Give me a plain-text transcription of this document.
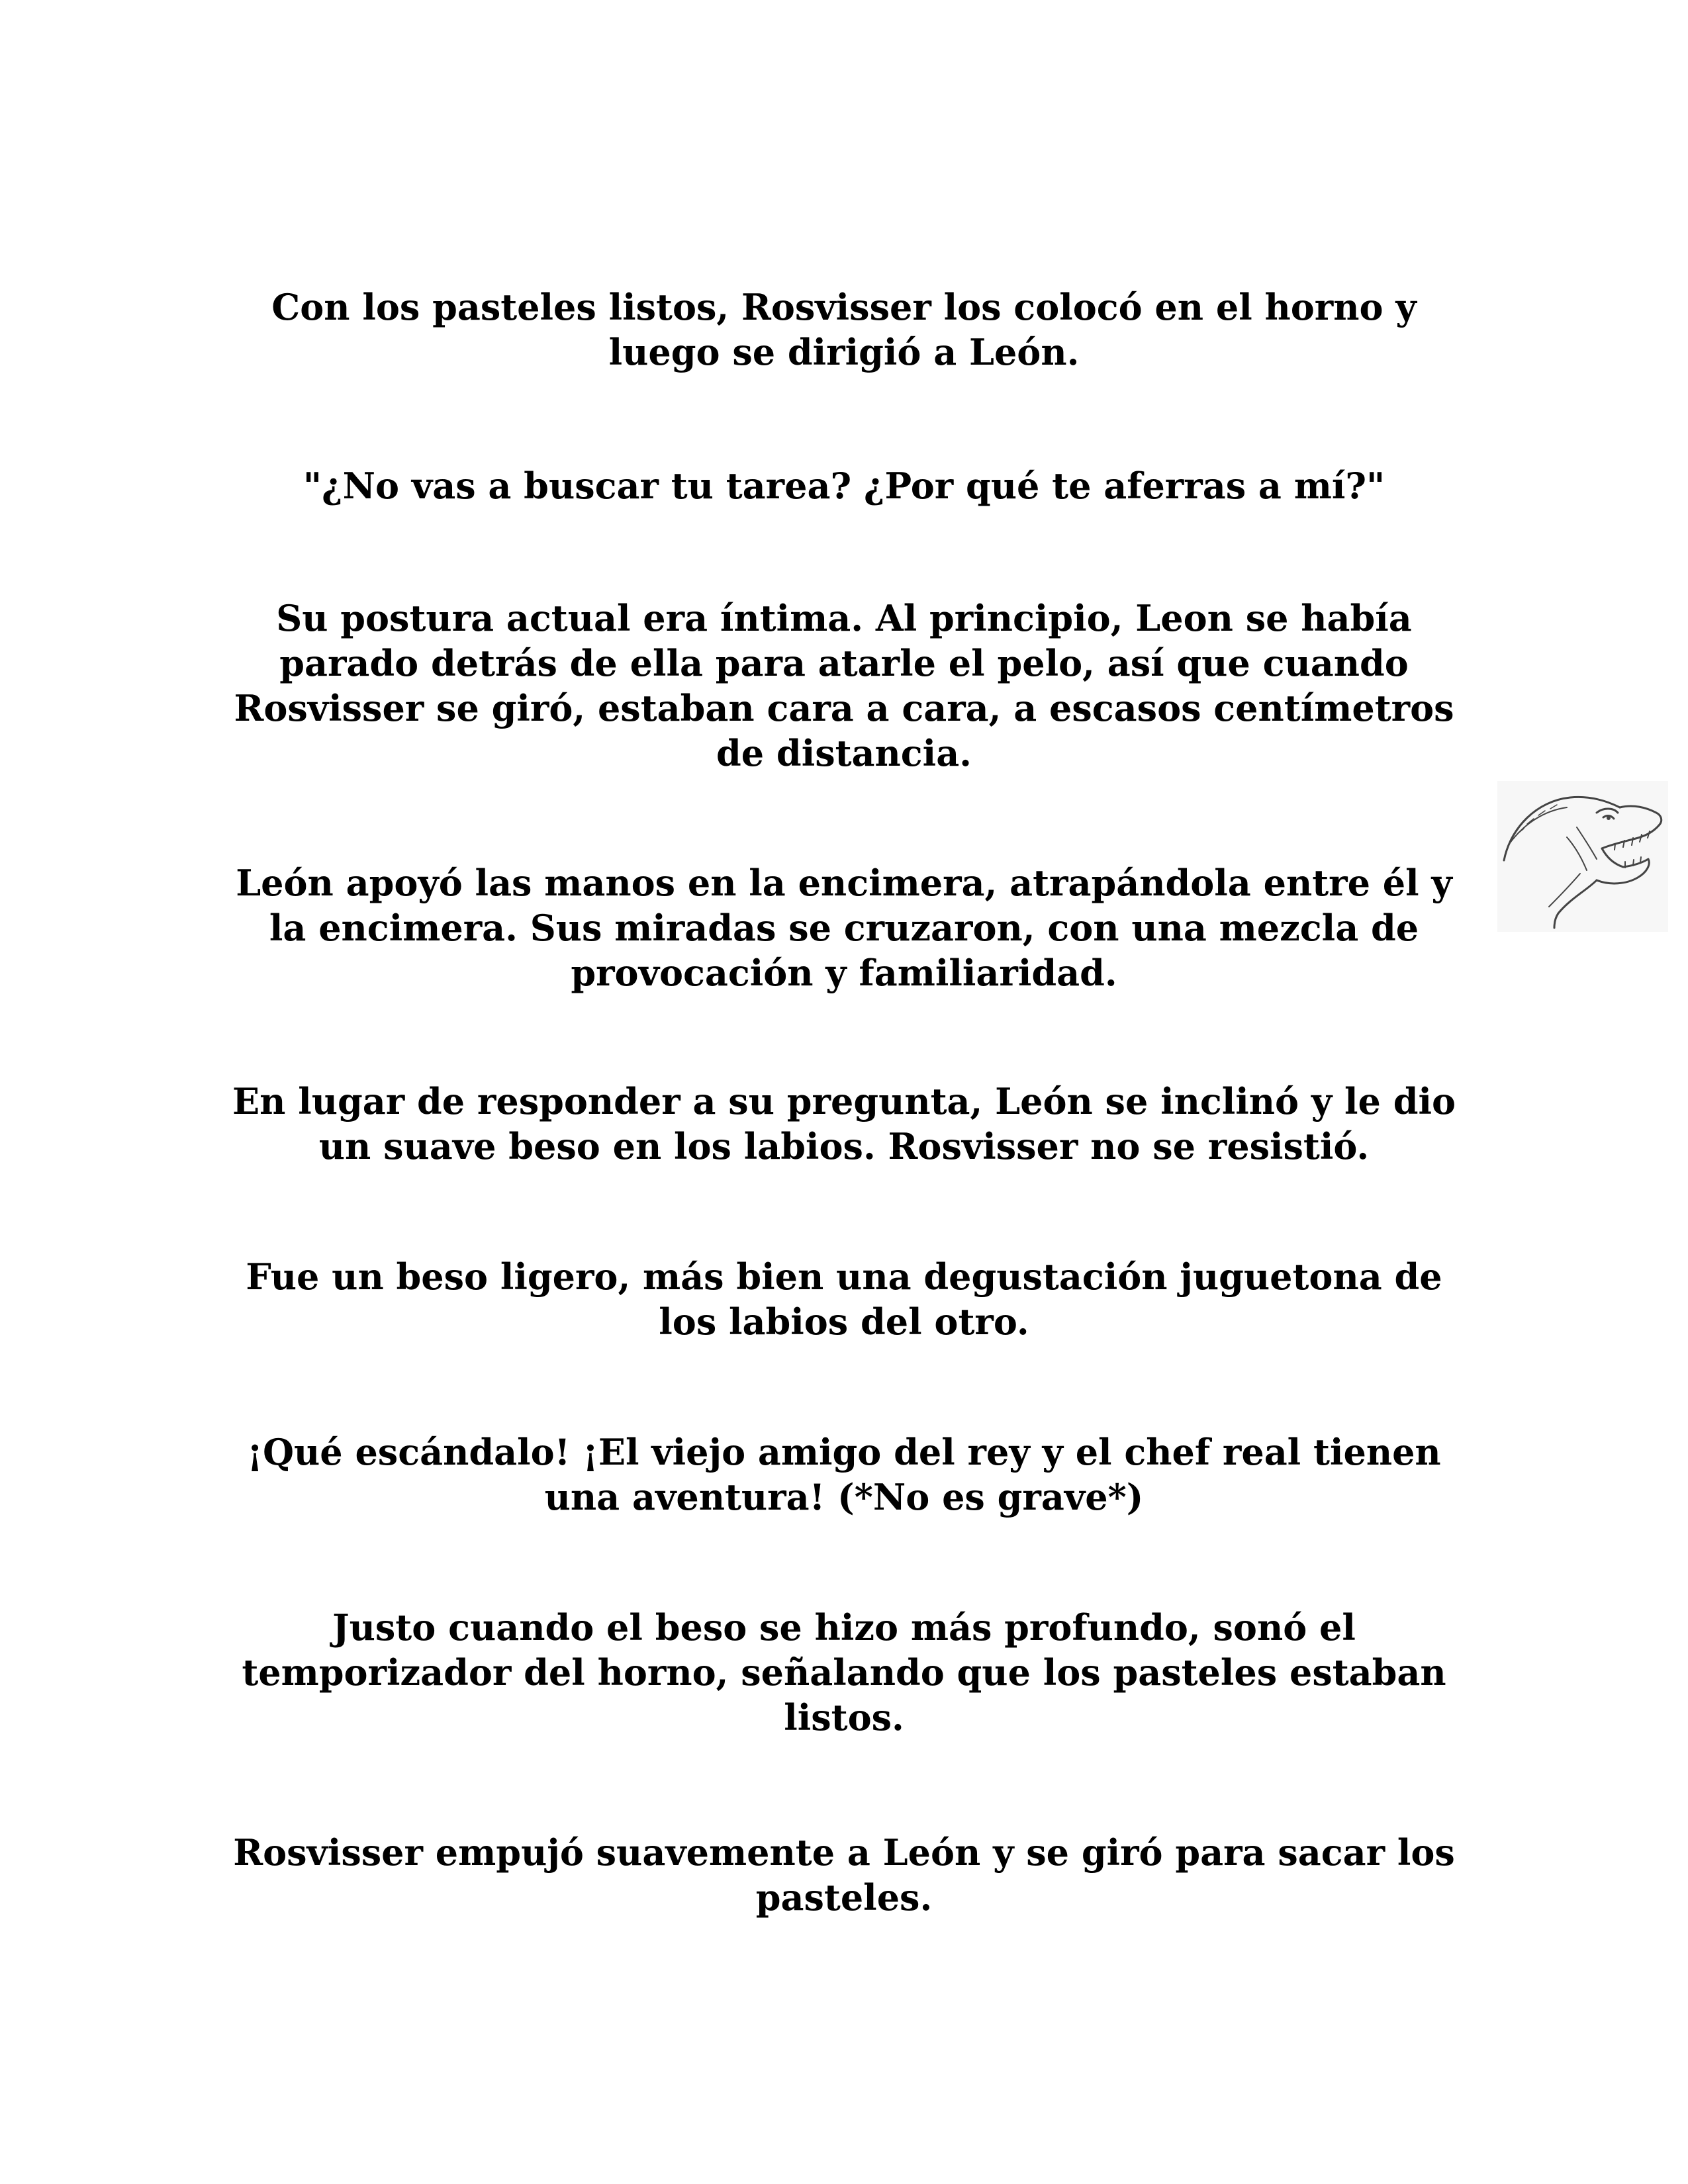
Con los pasteles listos, Rosvisser los colocó en el horno y luego se dirigió a León.

"¿No vas a buscar tu tarea? ¿Por qué te aferras a mí?"

Su postura actual era íntima. Al principio, Leon se había parado detrás de ella para atarle el pelo, así que cuando Rosvisser se giró, estaban cara a cara, a escasos centímetros de distancia.

León apoyó las manos en la encimera, atrapándola entre él y la encimera. Sus miradas se cruzaron, con una mezcla de provocación y familiaridad.

En lugar de responder a su pregunta, León se inclinó y le dio un suave beso en los labios. Rosvisser no se resistió.

Fue un beso ligero, más bien una degustación juguetona de los labios del otro.

¡Qué escándalo! ¡El viejo amigo del rey y el chef real tienen una aventura! (*No es grave*)

Justo cuando el beso se hizo más profundo, sonó el temporizador del horno, señalando que los pasteles estaban listos.

Rosvisser empujó suavemente a León y se giró para sacar los pasteles.
